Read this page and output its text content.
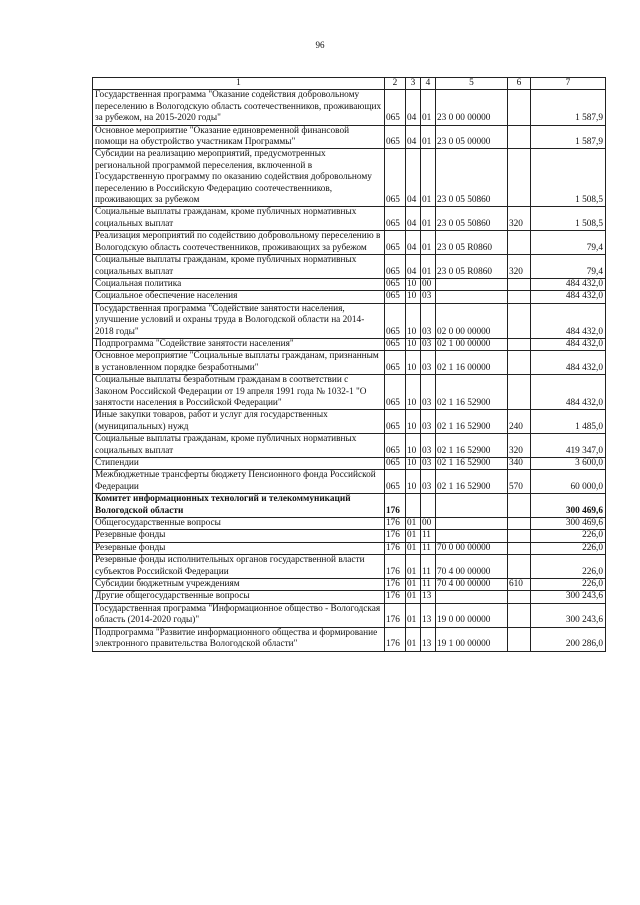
96
1	2	3	4	5	6	7
Государственная программа "Оказание содействия добровольному переселению в Вологодскую область соотечественников, проживающих за рубежом, на 2015-2020 годы"	065	04	01	23 0 00 00000		1 587,9
Основное мероприятие "Оказание единовременной финансовой помощи на обустройство участникам Программы"	065	04	01	23 0 05 00000		1 587,9
Субсидии на реализацию мероприятий, предусмотренных региональной программой переселения, включенной в Государственную программу по оказанию содействия добровольному переселению в Российскую Федерацию соотечественников, проживающих за рубежом	065	04	01	23 0 05 50860		1 508,5
Социальные выплаты гражданам, кроме публичных нормативных социальных выплат	065	04	01	23 0 05 50860	320	1 508,5
Реализация мероприятий по содействию добровольному переселению в Вологодскую область соотечественников, проживающих за рубежом	065	04	01	23 0 05 R0860		79,4
Социальные выплаты гражданам, кроме публичных нормативных социальных выплат	065	04	01	23 0 05 R0860	320	79,4
Социальная политика	065	10	00			484 432,0
Социальное обеспечение населения	065	10	03			484 432,0
Государственная программа "Содействие занятости населения, улучшение условий и охраны труда в Вологодской области на 2014-2018 годы"	065	10	03	02 0 00 00000		484 432,0
Подпрограмма "Содействие занятости населения"	065	10	03	02 1 00 00000		484 432,0
Основное мероприятие "Социальные выплаты гражданам, признанным в установленном порядке безработными"	065	10	03	02 1 16 00000		484 432,0
Социальные выплаты безработным гражданам в соответствии с Законом Российской Федерации от 19 апреля 1991 года № 1032-1 "О занятости населения в Российской Федерации"	065	10	03	02 1 16 52900		484 432,0
Иные закупки товаров, работ и услуг для государственных (муниципальных) нужд	065	10	03	02 1 16 52900	240	1 485,0
Социальные выплаты гражданам, кроме публичных нормативных социальных выплат	065	10	03	02 1 16 52900	320	419 347,0
Стипендии	065	10	03	02 1 16 52900	340	3 600,0
Межбюджетные трансферты бюджету Пенсионного фонда Российской Федерации	065	10	03	02 1 16 52900	570	60 000,0
Комитет информационных технологий и телекоммуникаций Вологодской области	176					300 469,6
Общегосударственные вопросы	176	01	00			300 469,6
Резервные фонды	176	01	11			226,0
Резервные фонды	176	01	11	70 0 00 00000		226,0
Резервные фонды исполнительных органов государственной власти субъектов Российской Федерации	176	01	11	70 4 00 00000		226,0
Субсидии бюджетным учреждениям	176	01	11	70 4 00 00000	610	226,0
Другие общегосударственные вопросы	176	01	13			300 243,6
Государственная программа "Информационное общество - Вологодская область (2014-2020 годы)"	176	01	13	19 0 00 00000		300 243,6
Подпрограмма "Развитие информационного общества и формирование электронного правительства Вологодской области"	176	01	13	19 1 00 00000		200 286,0
